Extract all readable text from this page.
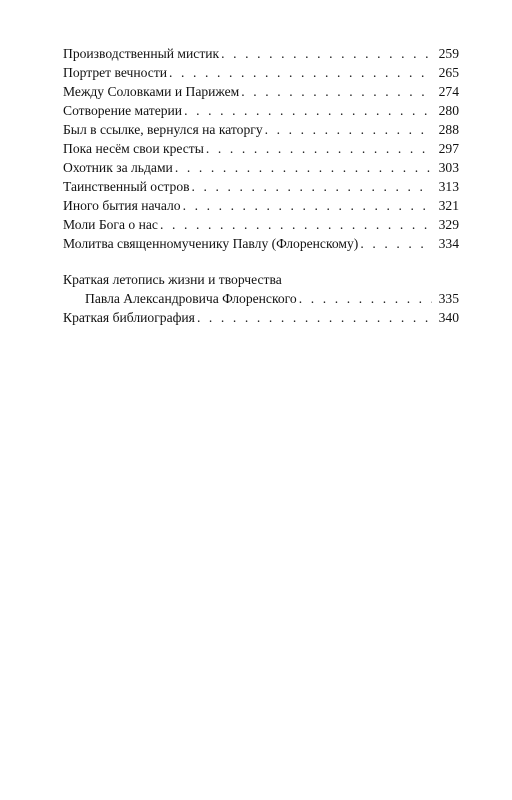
Производственный мистик . . .	259
Портрет вечности . . .	265
Между Соловками и Парижем . . .	274
Сотворение материи . . .	280
Был в ссылке, вернулся на каторгу . . .	288
Пока несём свои кресты . . .	297
Охотник за льдами . . .	303
Таинственный остров . . .	313
Иного бытия начало . . .	321
Моли Бога о нас . . .	329
Молитва священномученику Павлу (Флоренскому) . . .	334
Краткая летопись жизни и творчества
Павла Александровича Флоренского . . .	335
Краткая библиография . . .	340
